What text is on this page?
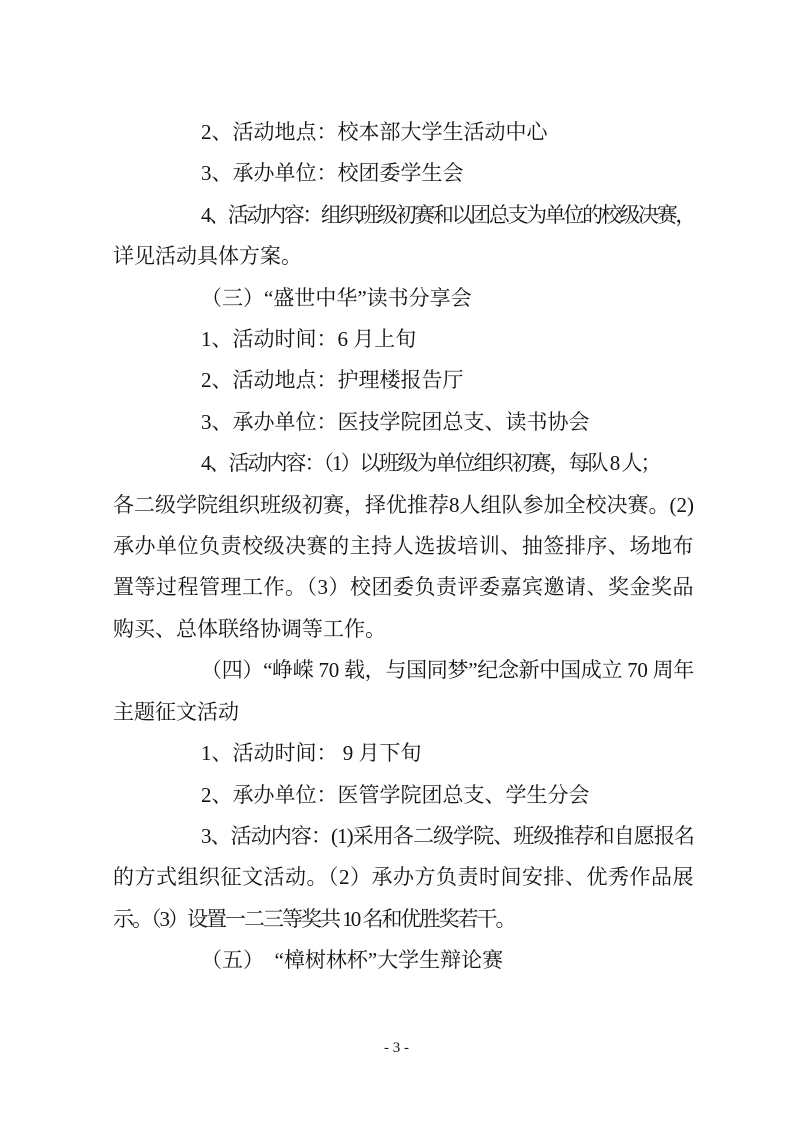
2、活动地点：校本部大学生活动中心
3、承办单位：校团委学生会
4、活动内容：组织班级初赛和以团总支为单位的校级决赛，
详见活动具体方案。
（三）“盛世中华”读书分享会
1、活动时间：6 月上旬
2、活动地点：护理楼报告厅
3、承办单位：医技学院团总支、读书协会
4、活动内容：（1）以班级为单位组织初赛，每队 8 人；
各二级学院组织班级初赛，择优推荐8人组队参加全校决赛。(2)
承办单位负责校级决赛的主持人选拔培训、抽签排序、场地布
置等过程管理工作。（3）校团委负责评委嘉宾邀请、奖金奖品
购买、总体联络协调等工作。
（四）“峥嵘 70 载，与国同梦”纪念新中国成立 70 周年
主题征文活动
1、活动时间： 9 月下旬
2、承办单位：医管学院团总支、学生分会
3、活动内容：(1)采用各二级学院、班级推荐和自愿报名
的方式组织征文活动。（2）承办方负责时间安排、优秀作品展
示。（3）设置一二三等奖共 10 名和优胜奖若干。
（五）　“樟树林杯”大学生辩论赛
- 3 -
